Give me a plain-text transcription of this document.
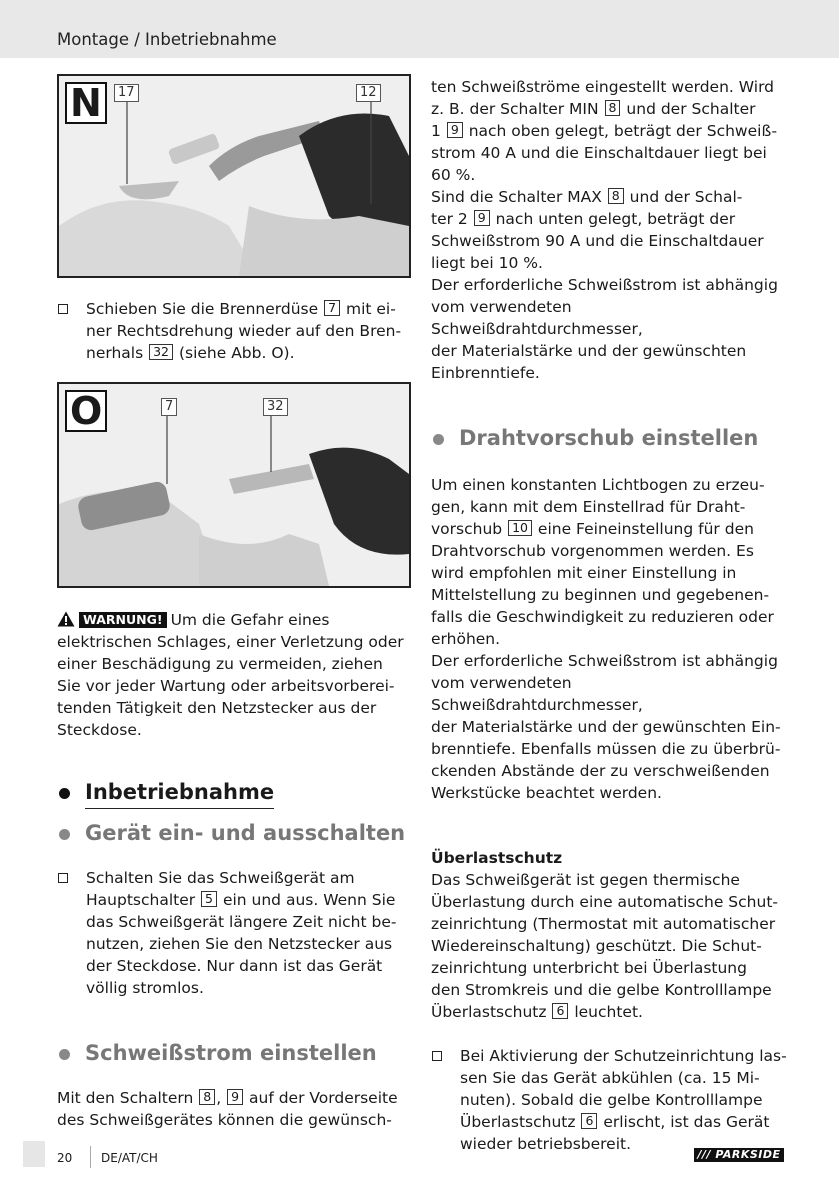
Montage / Inbetriebnahme
N	17	12
Schieben Sie die Brennerdüse 7 mit ei-
ner Rechtsdrehung wieder auf den Bren-
nerhals 32 (siehe Abb. O).
O	7	32
WARNUNG! Um die Gefahr eines
elektrischen Schlages, einer Verletzung oder
einer Beschädigung zu vermeiden, ziehen
Sie vor jeder Wartung oder arbeitsvorberei-
tenden Tätigkeit den Netzstecker aus der
Steckdose.
Inbetriebnahme
Gerät ein- und ausschalten
Schalten Sie das Schweißgerät am
Hauptschalter 5 ein und aus. Wenn Sie
das Schweißgerät längere Zeit nicht be-
nutzen, ziehen Sie den Netzstecker aus
der Steckdose. Nur dann ist das Gerät
völlig stromlos.
Schweißstrom einstellen
Mit den Schaltern 8 , 9 auf der Vorderseite
des Schweißgerätes können die gewünsch-
ten Schweißströme eingestellt werden. Wird
z. B. der Schalter MIN 8 und der Schalter
1 9 nach oben gelegt, beträgt der Schweiß-
strom 40 A und die Einschaltdauer liegt bei
60 %.
Sind die Schalter MAX 8 und der Schal-
ter 2 9 nach unten gelegt, beträgt der
Schweißstrom 90 A und die Einschaltdauer
liegt bei 10 %.
Der erforderliche Schweißstrom ist abhängig
vom verwendeten Schweißdrahtdurchmesser,
der Materialstärke und der gewünschten
Einbrenntiefe.
Drahtvorschub einstellen
Um einen konstanten Lichtbogen zu erzeu-
gen, kann mit dem Einstellrad für Draht-
vorschub 10 eine Feineinstellung für den
Drahtvorschub vorgenommen werden. Es
wird empfohlen mit einer Einstellung in
Mittelstellung zu beginnen und gegebenen-
falls die Geschwindigkeit zu reduzieren oder
erhöhen.
Der erforderliche Schweißstrom ist abhängig
vom verwendeten Schweißdrahtdurchmesser,
der Materialstärke und der gewünschten Ein-
brenntiefe. Ebenfalls müssen die zu überbrü-
ckenden Abstände der zu verschweißenden
Werkstücke beachtet werden.
Überlastschutz
Das Schweißgerät ist gegen thermische
Überlastung durch eine automatische Schut-
zeinrichtung (Thermostat mit automatischer
Wiedereinschaltung) geschützt. Die Schut-
zeinrichtung unterbricht bei Überlastung
den Stromkreis und die gelbe Kontrolllampe
Überlastschutz 6 leuchtet.
Bei Aktivierung der Schutzeinrichtung las-
sen Sie das Gerät abkühlen (ca. 15 Mi-
nuten). Sobald die gelbe Kontrolllampe
Überlastschutz 6 erlischt, ist das Gerät
wieder betriebsbereit.
20 DE/AT/CH	/// PARKSIDE
